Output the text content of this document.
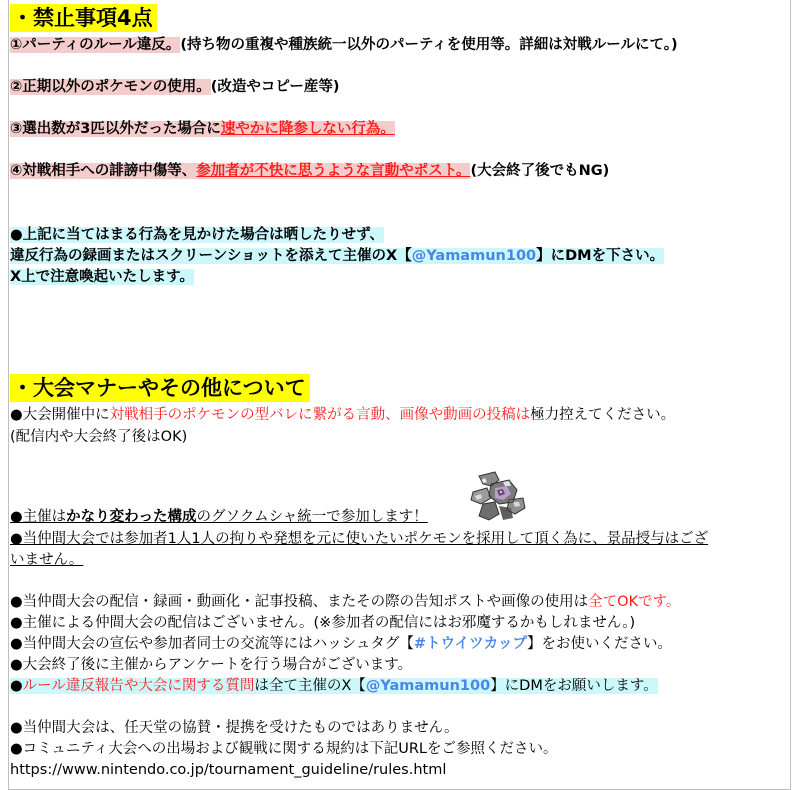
・禁止事項4点
①パーティのルール違反。(持ち物の重複や種族統一以外のパーティを使用等。詳細は対戦ルールにて。)
②正期以外のポケモンの使用。(改造やコピー産等)
③選出数が3匹以外だった場合に速やかに降参しない行為。
④対戦相手への誹謗中傷等、参加者が不快に思うような言動やポスト。(大会終了後でもNG)
●上記に当てはまる行為を見かけた場合は晒したりせず、
違反行為の録画またはスクリーンショットを添えて主催のX【@Yamamun100】にDMを下さい。
X上で注意喚起いたします。
・大会マナーやその他について
●大会開催中に対戦相手のポケモンの型バレに繋がる言動、画像や動画の投稿は極力控えてください。
(配信内や大会終了後はOK)
●主催はかなり変わった構成のグソクムシャ統一で参加します！
●当仲間大会では参加者1人1人の拘りや発想を元に使いたいポケモンを採用して頂く為に、景品授与はござ
いません。
●当仲間大会の配信・録画・動画化・記事投稿、またその際の告知ポストや画像の使用は全てOKです。
●主催による仲間大会の配信はございません。(※参加者の配信にはお邪魔するかもしれません。)
●当仲間大会の宣伝や参加者同士の交流等にはハッシュタグ【#トウイツカップ】をお使いください。
●大会終了後に主催からアンケートを行う場合がございます。
●ルール違反報告や大会に関する質問は全て主催のX【@Yamamun100】にDMをお願いします。
●当仲間大会は、任天堂の協賛・提携を受けたものではありません。
●コミュニティ大会への出場および観戦に関する規約は下記URLをご参照ください。
https://www.nintendo.co.jp/tournament_guideline/rules.html
